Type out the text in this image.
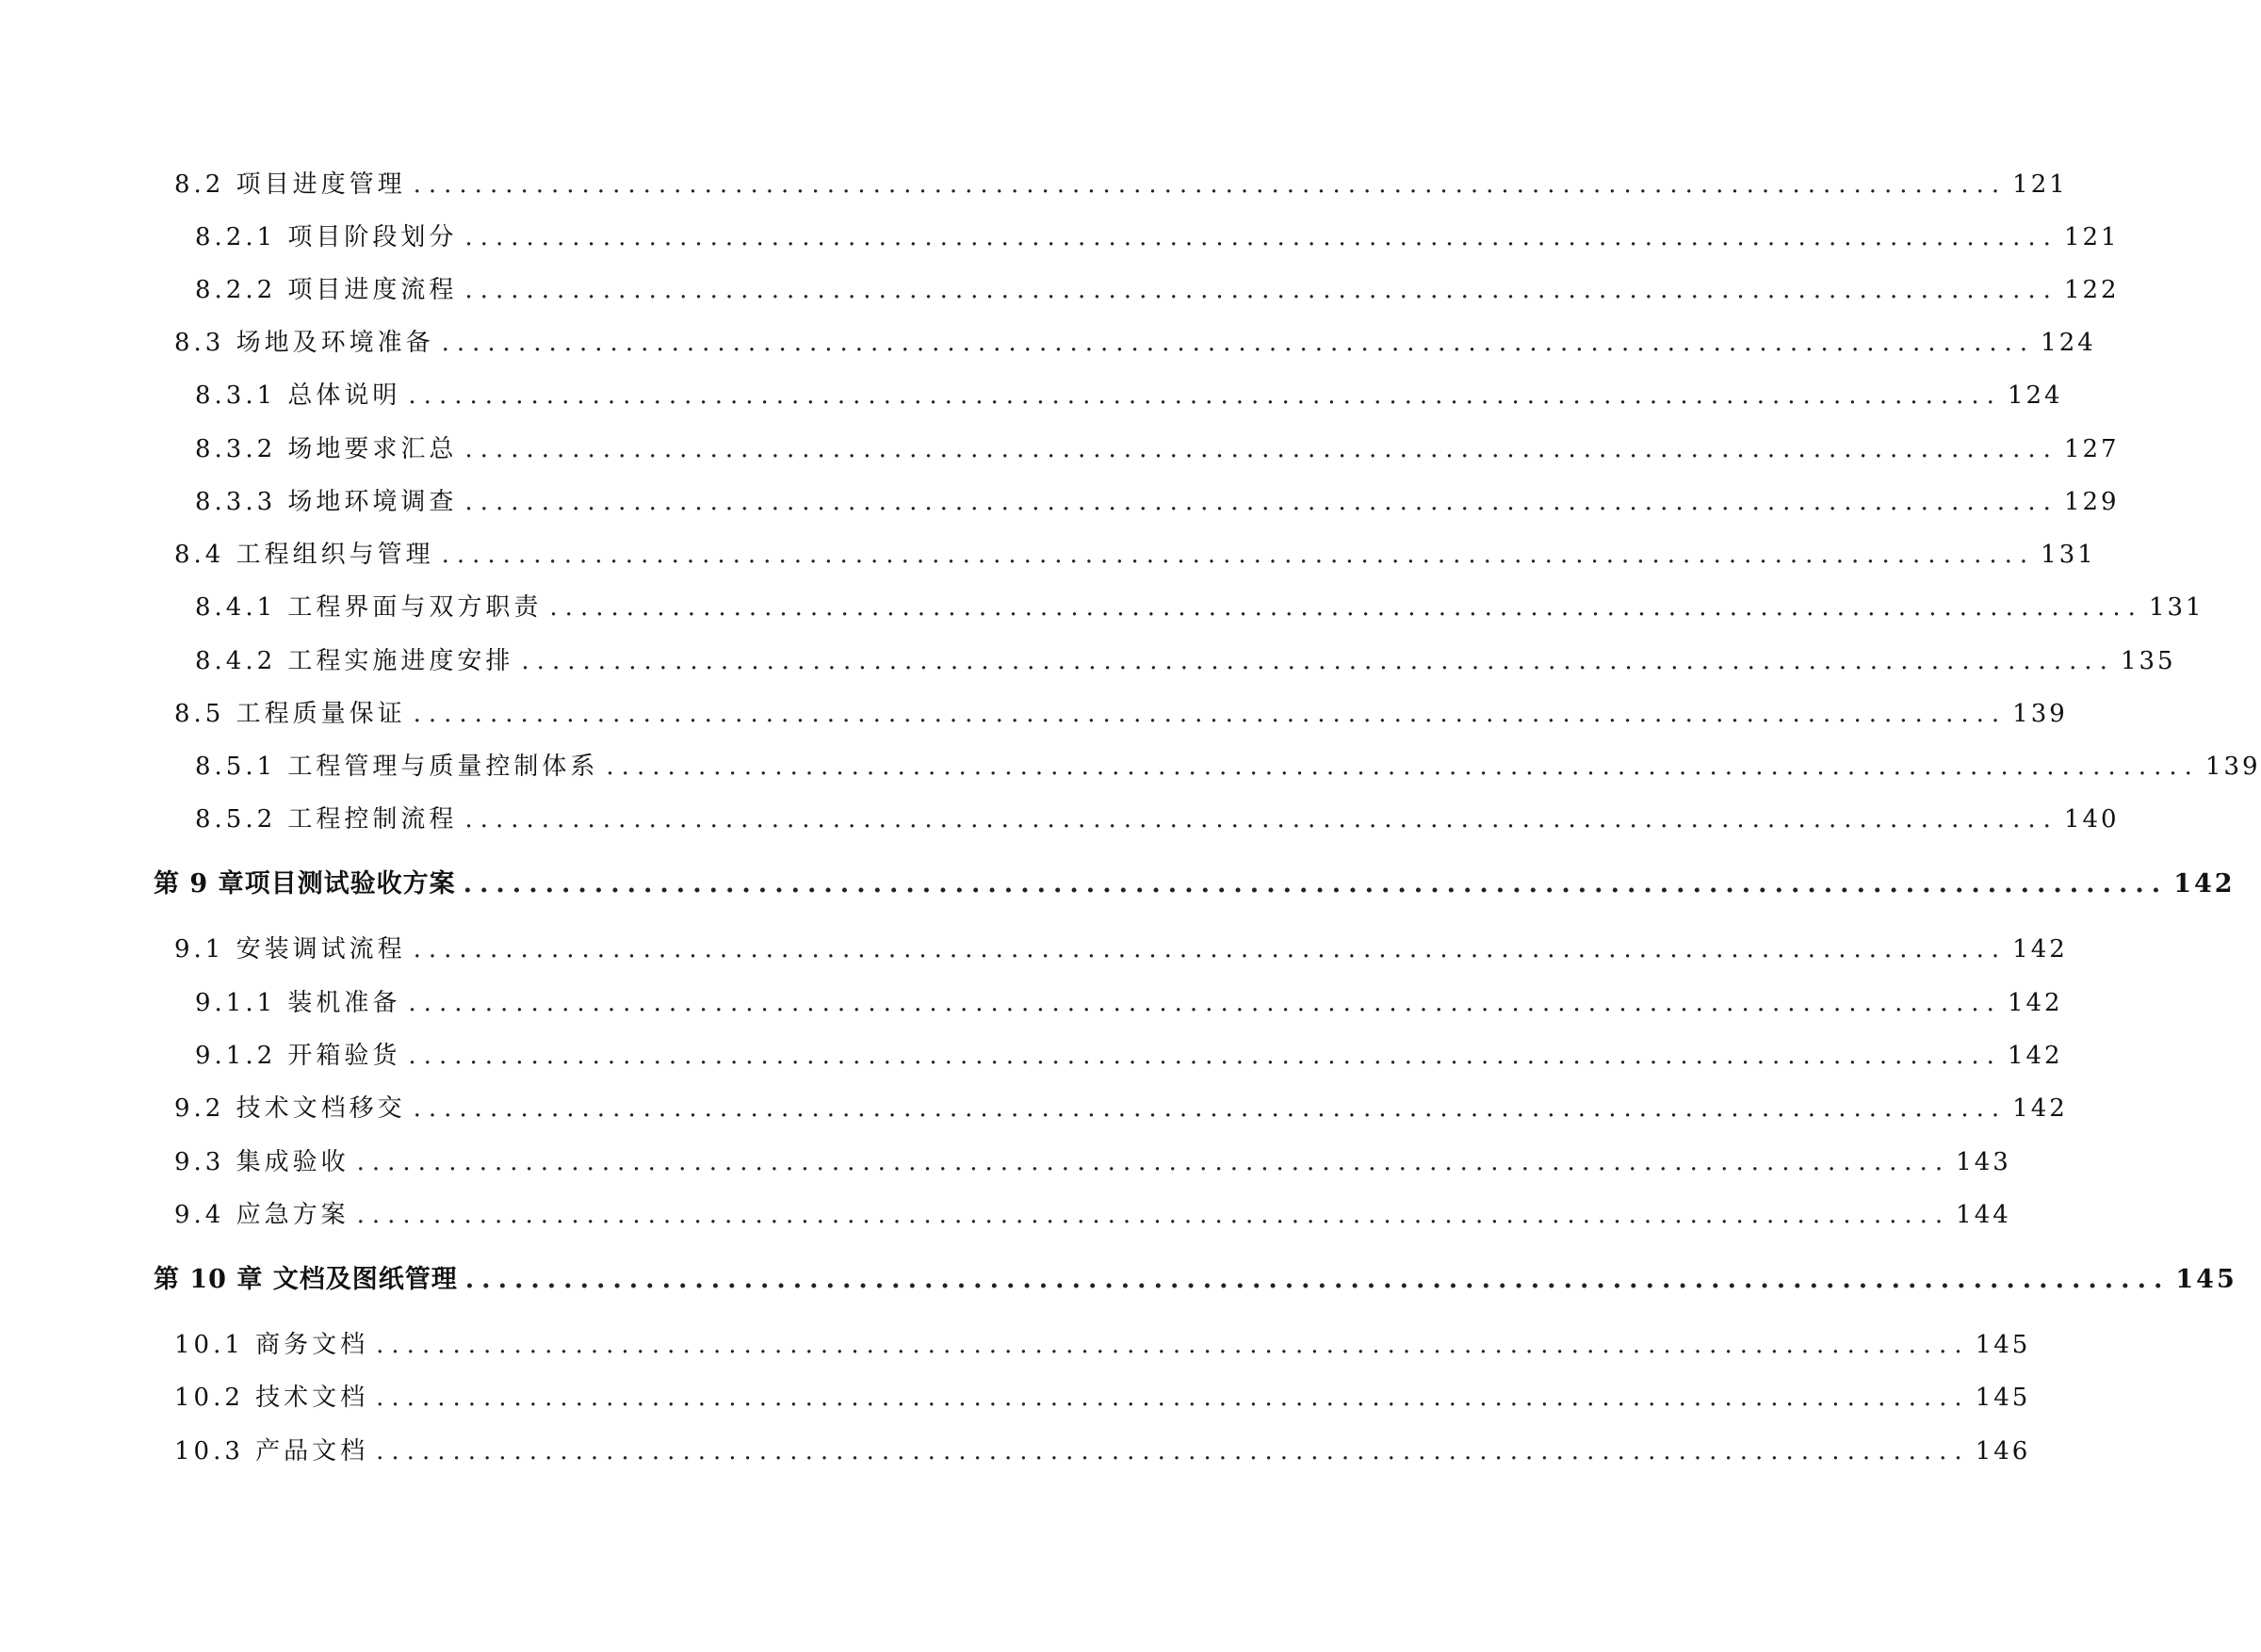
8.2 项目进度管理 ........................................................................................................ 121
8.2.1 项目阶段划分 ........................................................................................................ 121
8.2.2 项目进度流程 ........................................................................................................ 122
8.3 场地及环境准备 ........................................................................................................ 124
8.3.1 总体说明 ........................................................................................................ 124
8.3.2 场地要求汇总 ........................................................................................................ 127
8.3.3 场地环境调查 ........................................................................................................ 129
8.4 工程组织与管理 ........................................................................................................ 131
8.4.1 工程界面与双方职责 ........................................................................................................ 131
8.4.2 工程实施进度安排 ........................................................................................................ 135
8.5 工程质量保证 ........................................................................................................ 139
8.5.1 工程管理与质量控制体系 ........................................................................................................ 139
8.5.2 工程控制流程 ........................................................................................................ 140
第 9 章项目测试验收方案 ........................................................................................................ 142
9.1 安装调试流程 ........................................................................................................ 142
9.1.1 装机准备 ........................................................................................................ 142
9.1.2 开箱验货 ........................................................................................................ 142
9.2 技术文档移交 ........................................................................................................ 142
9.3 集成验收 ........................................................................................................ 143
9.4 应急方案 ........................................................................................................ 144
第 10 章 文档及图纸管理 ........................................................................................................ 145
10.1 商务文档 ........................................................................................................ 145
10.2 技术文档 ........................................................................................................ 145
10.3 产品文档 ........................................................................................................ 146
